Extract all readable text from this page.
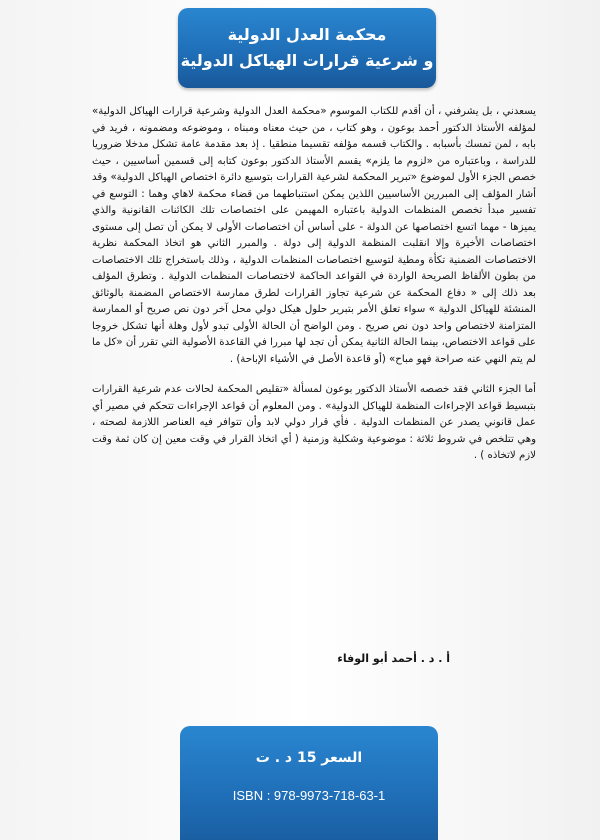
محكمة العدل الدولية
و شرعية قرارات الهياكل الدولية

يسعدني ، بل يشرفني ، أن أقدم للكتاب الموسوم «محكمة العدل الدولية وشرعية قرارات الهياكل الدولية» لمؤلفه الأستاذ الدكتور أحمد بوعون ، وهو كتاب ، من حيث معناه ومبناه ، وموضوعه ومضمونه ، فريد في بابه ، لمن تمسك بأسبابه . والكتاب قسمه مؤلفه تقسيما منطقيا . إذ بعد مقدمة عامة تشكل مدخلا ضروريا للدراسة ، وباعتباره من «لزوم ما يلزم» يقسم الأستاذ الدكتور بوعون كتابه إلى قسمين أساسيين ، حيث خصص الجزء الأول لموضوع «تبرير المحكمة لشرعية القرارات بتوسيع دائرة اختصاص الهياكل الدولية» وقد أشار المؤلف إلى المبررين الأساسيين اللذين يمكن استنباطهما من قضاء محكمة لاهاي وهما : التوسع في تفسير مبدأ تخصص المنظمات الدولية باعتباره المهيمن على اختصاصات تلك الكائنات القانونية والذي يميزها - مهما اتسع اختصاصها عن الدولة - على أساس أن اختصاصات الأولى لا يمكن أن تصل إلى مستوى اختصاصات الأخيرة وإلا انقلبت المنظمة الدولية إلى دولة . والمبرر الثاني هو اتخاذ المحكمة نظرية الاختصاصات الضمنية تكأة ومطية لتوسيع اختصاصات المنظمات الدولية ، وذلك باستخراج تلك الاختصاصات من بطون الألفاظ الصريحة الواردة في القواعد الحاكمة لاختصاصات المنظمات الدولية . وتطرق المؤلف بعد ذلك إلى « دفاع المحكمة عن شرعية تجاوز القرارات لطرق ممارسة الاختصاص المضمنة بالوثائق المنشئة للهياكل الدولية » سواء تعلق الأمر بتبرير حلول هيكل دولي محل آخر دون نص صريح أو الممارسة المتزامنة لاختصاص واحد دون نص صريح . ومن الواضح أن الحالة الأولى تبدو لأول وهلة أنها تشكل خروجا على قواعد الاختصاص، بينما الحالة الثانية يمكن أن تجد لها مبررا في القاعدة الأصولية التي تقرر أن «كل ما لم يتم النهي عنه صراحة فهو مباح» (أو قاعدة الأصل في الأشياء الإباحة) .

أما الجزء الثاني فقد خصصه الأستاذ الدكتور بوعون لمسألة «تقليص المحكمة لحالات عدم شرعية القرارات بتبسيط قواعد الإجراءات المنظمة للهياكل الدولية» . ومن المعلوم أن قواعد الإجراءات تتحكم في مصير أي عمل قانوني يصدر عن المنظمات الدولية . فأي قرار دولي لابد وأن تتوافر فيه العناصر اللازمة لصحته ، وهي تتلخص في شروط ثلاثة : موضوعية وشكلية وزمنية ( أي اتخاذ القرار في وقت معين إن كان ثمة وقت لازم لاتخاذه ) .

أ . د . أحمد أبو الوفاء
السعر 15 د . ت
ISBN : 978-9973-718-63-1
